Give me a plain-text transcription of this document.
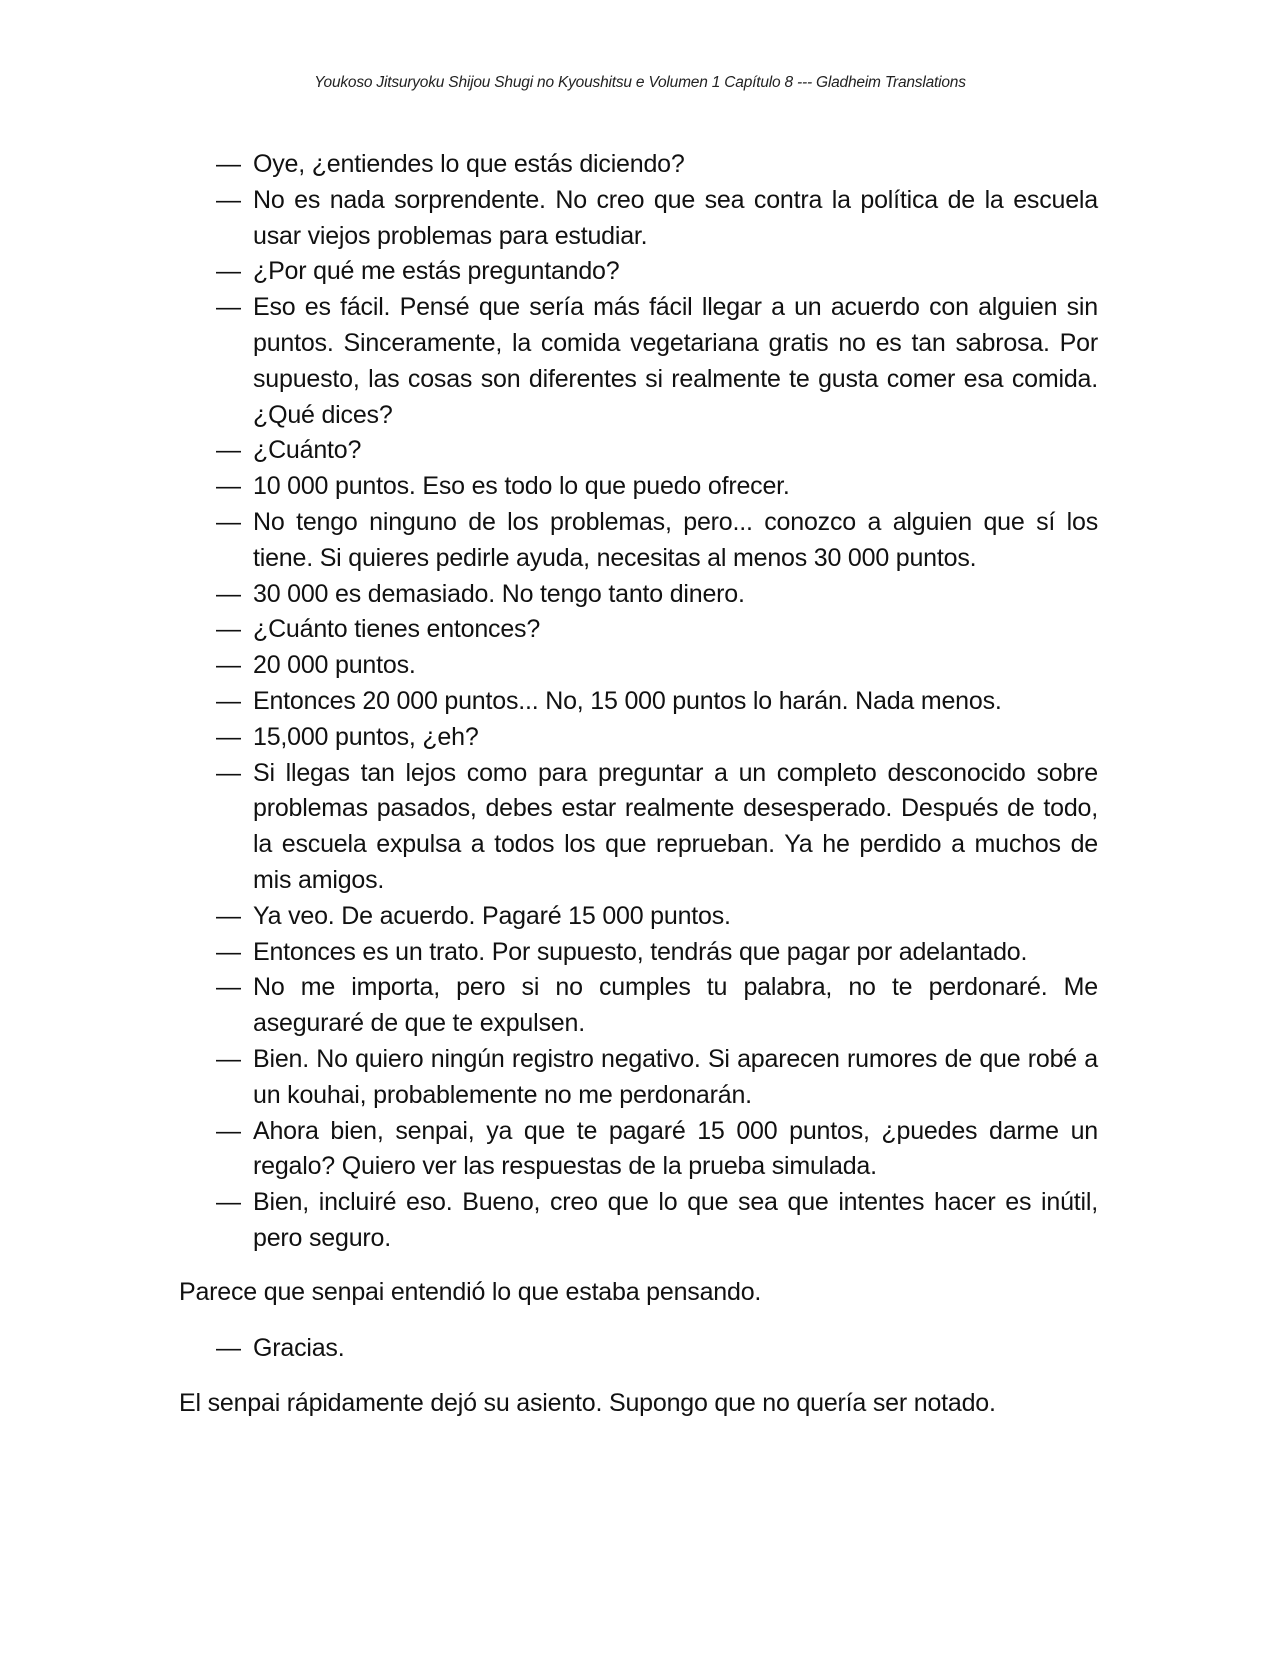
Youkoso Jitsuryoku Shijou Shugi no Kyoushitsu e Volumen 1 Capítulo 8 --- Gladheim Translations
— Oye, ¿entiendes lo que estás diciendo?
— No es nada sorprendente. No creo que sea contra la política de la escuela usar viejos problemas para estudiar.
— ¿Por qué me estás preguntando?
— Eso es fácil. Pensé que sería más fácil llegar a un acuerdo con alguien sin puntos. Sinceramente, la comida vegetariana gratis no es tan sabrosa. Por supuesto, las cosas son diferentes si realmente te gusta comer esa comida. ¿Qué dices?
— ¿Cuánto?
— 10 000 puntos. Eso es todo lo que puedo ofrecer.
— No tengo ninguno de los problemas, pero... conozco a alguien que sí los tiene. Si quieres pedirle ayuda, necesitas al menos 30 000 puntos.
— 30 000 es demasiado. No tengo tanto dinero.
— ¿Cuánto tienes entonces?
— 20 000 puntos.
— Entonces 20 000 puntos... No, 15 000 puntos lo harán. Nada menos.
— 15,000 puntos, ¿eh?
— Si llegas tan lejos como para preguntar a un completo desconocido sobre problemas pasados, debes estar realmente desesperado. Después de todo, la escuela expulsa a todos los que reprueban. Ya he perdido a muchos de mis amigos.
— Ya veo. De acuerdo. Pagaré 15 000 puntos.
— Entonces es un trato. Por supuesto, tendrás que pagar por adelantado.
— No me importa, pero si no cumples tu palabra, no te perdonaré. Me aseguraré de que te expulsen.
— Bien. No quiero ningún registro negativo. Si aparecen rumores de que robé a un kouhai, probablemente no me perdonarán.
— Ahora bien, senpai, ya que te pagaré 15 000 puntos, ¿puedes darme un regalo? Quiero ver las respuestas de la prueba simulada.
— Bien, incluiré eso. Bueno, creo que lo que sea que intentes hacer es inútil, pero seguro.
Parece que senpai entendió lo que estaba pensando.
— Gracias.
El senpai rápidamente dejó su asiento. Supongo que no quería ser notado.
